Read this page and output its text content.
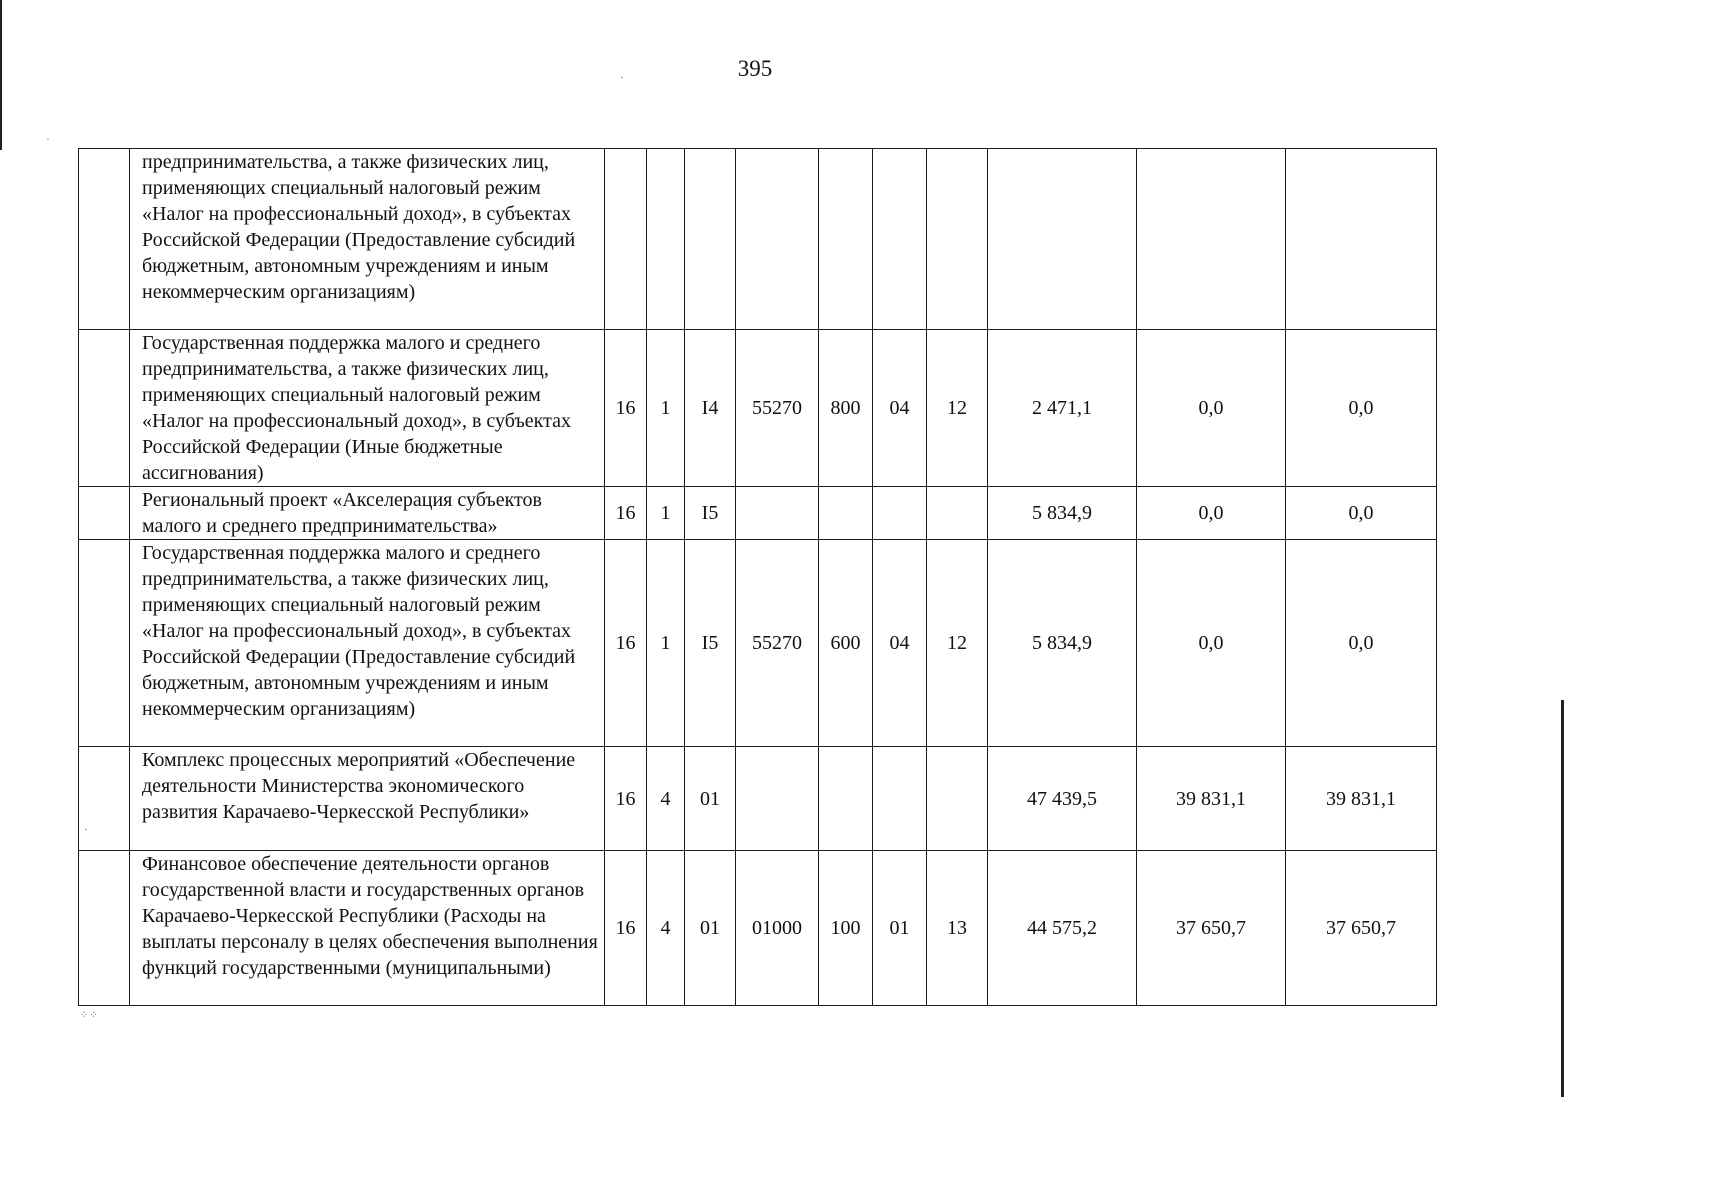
·
·
·
⁘⁘
395
	предпринимательства, а также физических лиц, применяющих специальный налоговый режим «Налог на профессиональный доход», в субъектах Российской Федерации (Предоставление субсидий бюджетным, автономным учреждениям и иным некоммерческим организациям)										
	Государственная поддержка малого и среднего предпринимательства, а также физических лиц, применяющих специальный налоговый режим «Налог на профессиональный доход», в субъектах Российской Федерации (Иные бюджетные ассигнования)	16	1	I4	55270	800	04	12	2 471,1	0,0	0,0
	Региональный проект «Акселерация субъектов малого и среднего предпринимательства»	16	1	I5					5 834,9	0,0	0,0
	Государственная поддержка малого и среднего предпринимательства, а также физических лиц, применяющих специальный налоговый режим «Налог на профессиональный доход», в субъектах Российской Федерации (Предоставление субсидий бюджетным, автономным учреждениям и иным некоммерческим организациям)	16	1	I5	55270	600	04	12	5 834,9	0,0	0,0
	Комплекс процессных мероприятий «Обеспечение деятельности Министерства экономического развития Карачаево-Черкесской Республики»	16	4	01					47 439,5	39 831,1	39 831,1
	Финансовое обеспечение деятельности органов государственной власти и государственных органов Карачаево-Черкесской Республики (Расходы на выплаты персоналу в целях обеспечения выполнения функций государственными (муниципальными)	16	4	01	01000	100	01	13	44 575,2	37 650,7	37 650,7
